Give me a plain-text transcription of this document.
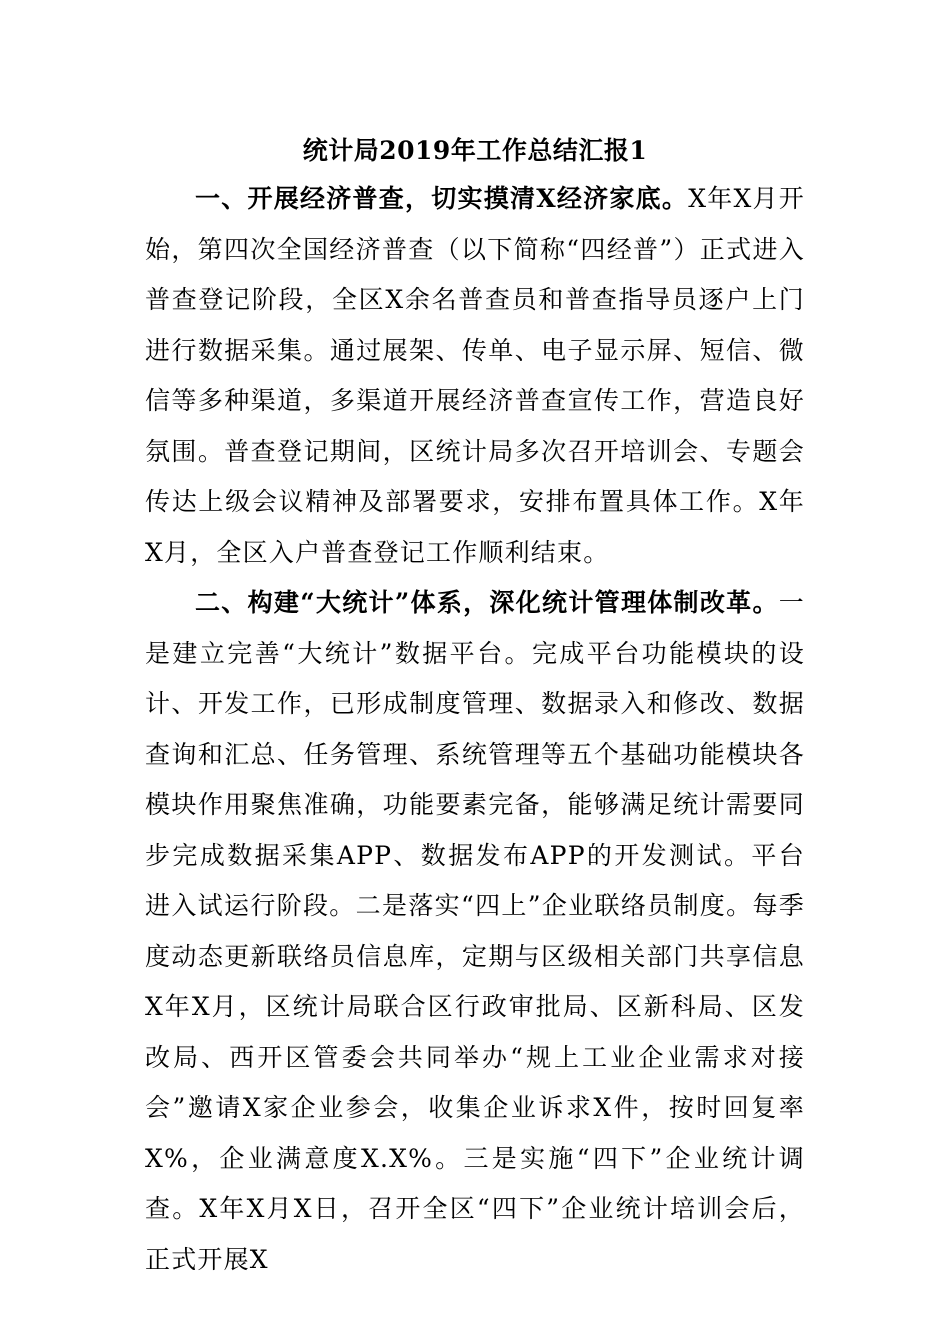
统计局2019年工作总结汇报1

一、开展经济普查，切实摸清X经济家底。X年X月开始，第四次全国经济普查（以下简称“四经普”）正式进入普查登记阶段，全区X余名普查员和普查指导员逐户上门进行数据采集。通过展架、传单、电子显示屏、短信、微信等多种渠道，多渠道开展经济普查宣传工作，营造良好氛围。普查登记期间，区统计局多次召开培训会、专题会传达上级会议精神及部署要求，安排布置具体工作。X年X月，全区入户普查登记工作顺利结束。

二、构建“大统计”体系，深化统计管理体制改革。一是建立完善“大统计”数据平台。完成平台功能模块的设计、开发工作，已形成制度管理、数据录入和修改、数据查询和汇总、任务管理、系统管理等五个基础功能模块各模块作用聚焦准确，功能要素完备，能够满足统计需要同步完成数据采集APP、数据发布APP的开发测试。平台进入试运行阶段。二是落实“四上”企业联络员制度。每季度动态更新联络员信息库，定期与区级相关部门共享信息X年X月，区统计局联合区行政审批局、区新科局、区发改局、西开区管委会共同举办“规上工业企业需求对接会”邀请X家企业参会，收集企业诉求X件，按时回复率X%，企业满意度X.X%。三是实施“四下”企业统计调查。X年X月X日，召开全区“四下”企业统计培训会后，正式开展X
